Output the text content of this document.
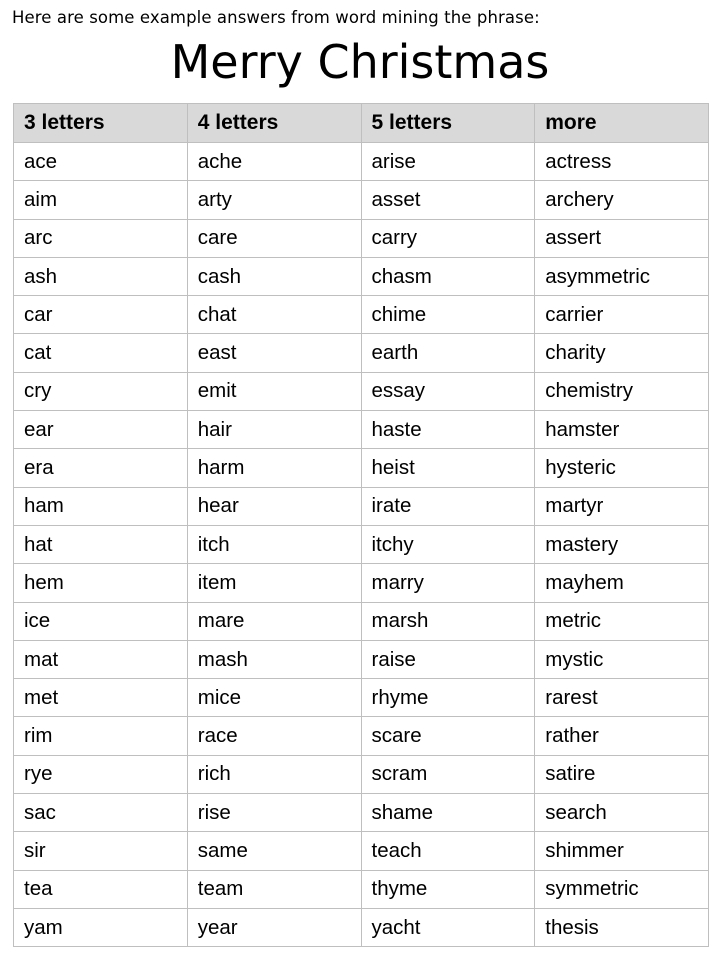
Here are some example answers from word mining the phrase:
Merry Christmas
3 letters	4 letters	5 letters	more
ace	ache	arise	actress
aim	arty	asset	archery
arc	care	carry	assert
ash	cash	chasm	asymmetric
car	chat	chime	carrier
cat	east	earth	charity
cry	emit	essay	chemistry
ear	hair	haste	hamster
era	harm	heist	hysteric
ham	hear	irate	martyr
hat	itch	itchy	mastery
hem	item	marry	mayhem
ice	mare	marsh	metric
mat	mash	raise	mystic
met	mice	rhyme	rarest
rim	race	scare	rather
rye	rich	scram	satire
sac	rise	shame	search
sir	same	teach	shimmer
tea	team	thyme	symmetric
yam	year	yacht	thesis
